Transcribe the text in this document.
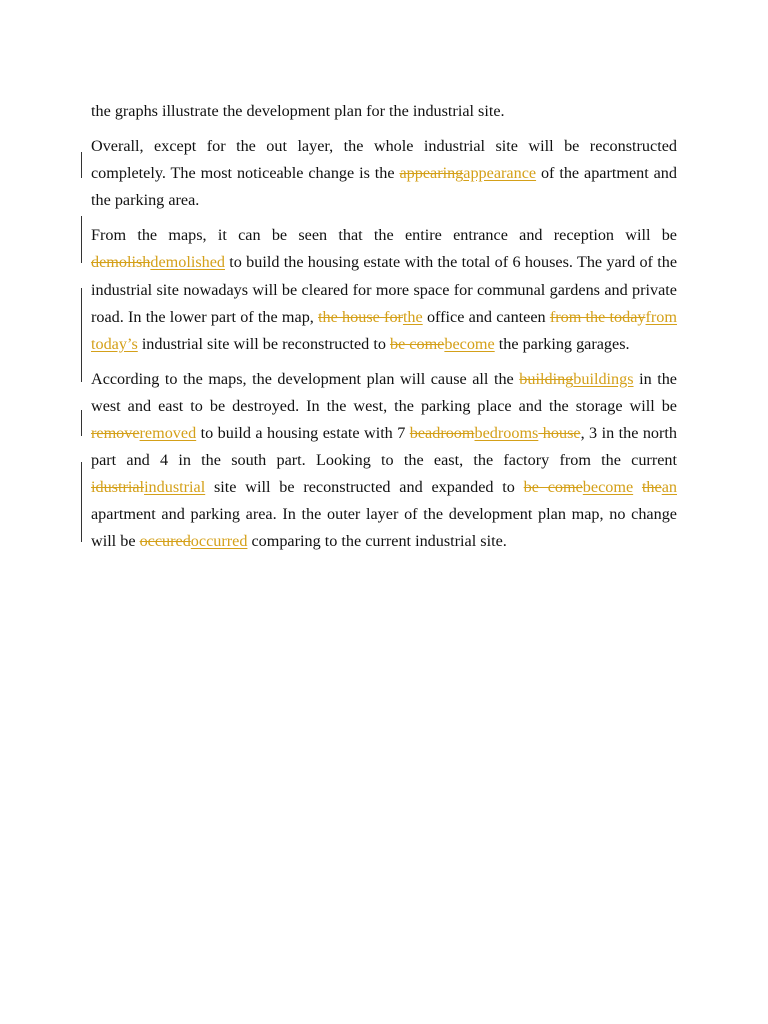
the graphs illustrate the development plan for the industrial site.

Overall, except for the out layer, the whole industrial site will be reconstructed completely. The most noticeable change is the appearingappearance of the apartment and the parking area.

From the maps, it can be seen that the entire entrance and reception will be demolishdemolished to build the housing estate with the total of 6 houses. The yard of the industrial site nowadays will be cleared for more space for communal gardens and private road. In the lower part of the map, the house forthe office and canteen from the todayfrom today’s industrial site will be reconstructed to be comebecome the parking garages.

According to the maps, the development plan will cause all the buildingbuildings in the west and east to be destroyed. In the west, the parking place and the storage will be removeremoved to build a housing estate with 7 beadroombedrooms house, 3 in the north part and 4 in the south part. Looking to the east, the factory from the current idustrialindustrial site will be reconstructed and expanded to be comebecome thean apartment and parking area. In the outer layer of the development plan map, no change will be occuredoccurred comparing to the current industrial site.
